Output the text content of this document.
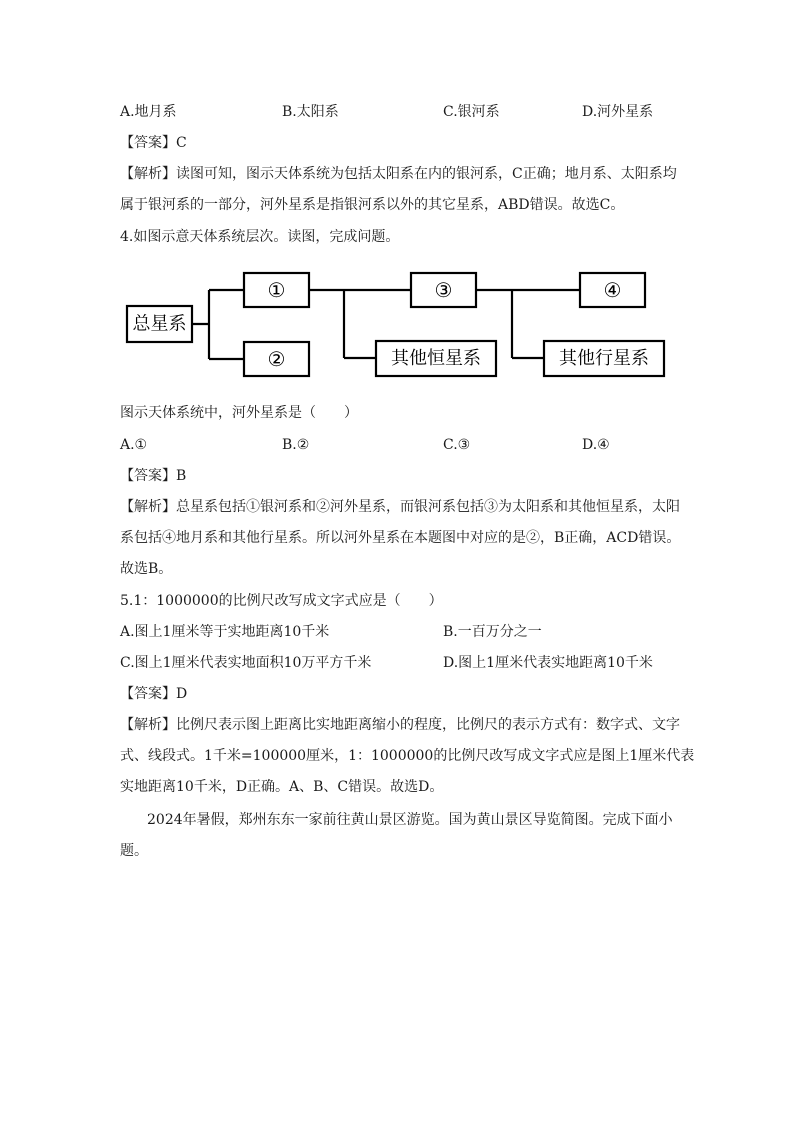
A.地月系	B.太阳系	C.银河系	D.河外星系
【答案】C
【解析】读图可知，图示天体系统为包括太阳系在内的银河系，C正确；地月系、太阳系均
属于银河系的一部分，河外星系是指银河系以外的其它星系，ABD错误。故选C。
4.如图示意天体系统层次。读图，完成问题。
总星系
①
②
③	④
其他恒星系	其他行星系
图示天体系统中，河外星系是（　　）
A.①	B.②	C.③	D.④
【答案】B
【解析】总星系包括①银河系和②河外星系，而银河系包括③为太阳系和其他恒星系，太阳
系包括④地月系和其他行星系。所以河外星系在本题图中对应的是②，B正确，ACD错误。
故选B。
5.1：1000000的比例尺改写成文字式应是（　　）
A.图上1厘米等于实地距离10千米	B.一百万分之一
C.图上1厘米代表实地面积10万平方千米	D.图上1厘米代表实地距离10千米
【答案】D
【解析】比例尺表示图上距离比实地距离缩小的程度，比例尺的表示方式有：数字式、文字
式、线段式。1千米=100000厘米，1：1000000的比例尺改写成文字式应是图上1厘米代表
实地距离10千米，D正确。A、B、C错误。故选D。
2024年暑假，郑州东东一家前往黄山景区游览。国为黄山景区导览简图。完成下面小
题。
